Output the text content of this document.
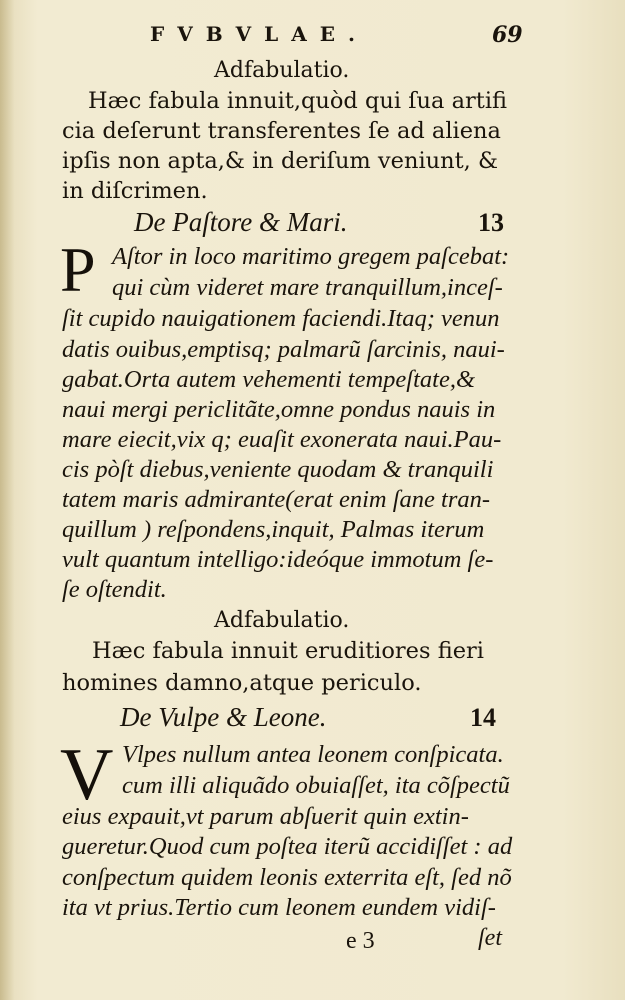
FVBVLAE.	69
Adfabulatio.
Hæc fabula innuit,quòd qui ſua artifi
cia deſerunt transferentes ſe ad aliena
ipſis non apta,& in deriſum veniunt, &
in diſcrimen.
De Paſtore & Mari.	13
P Aſtor in loco maritimo gregem paſcebat:
qui cùm videret mare tranquillum,inceſ-
ſit cupido nauigationem faciendi.Itaq; venun
datis ouibus,emptisq; palmarũ ſarcinis, naui-
gabat.Orta autem vehementi tempeſtate,&
naui mergi periclitãte,omne pondus nauis in
mare eiecit,vix q; euaſit exonerata naui.Pau-
cis pòſt diebus,veniente quodam & tranquili
tatem maris admirante(erat enim ſane tran-
quillum ) reſpondens,inquit, Palmas iterum
vult quantum intelligo:ideóque immotum ſe-
ſe oſtendit.
Adfabulatio.
Hæc fabula innuit eruditiores fieri
homines damno,atque periculo.
De Vulpe & Leone.	14
V Vlpes nullum antea leonem conſpicata.
cum illi aliquãdo obuiaſſet, ita cõſpectũ
eius expauit,vt parum abſuerit quin extin-
gueretur.Quod cum poſtea iterũ accidiſſet : ad
conſpectum quidem leonis exterrita eſt, ſed nõ
ita vt prius.Tertio cum leonem eundem vidiſ-
e 3	ſet
